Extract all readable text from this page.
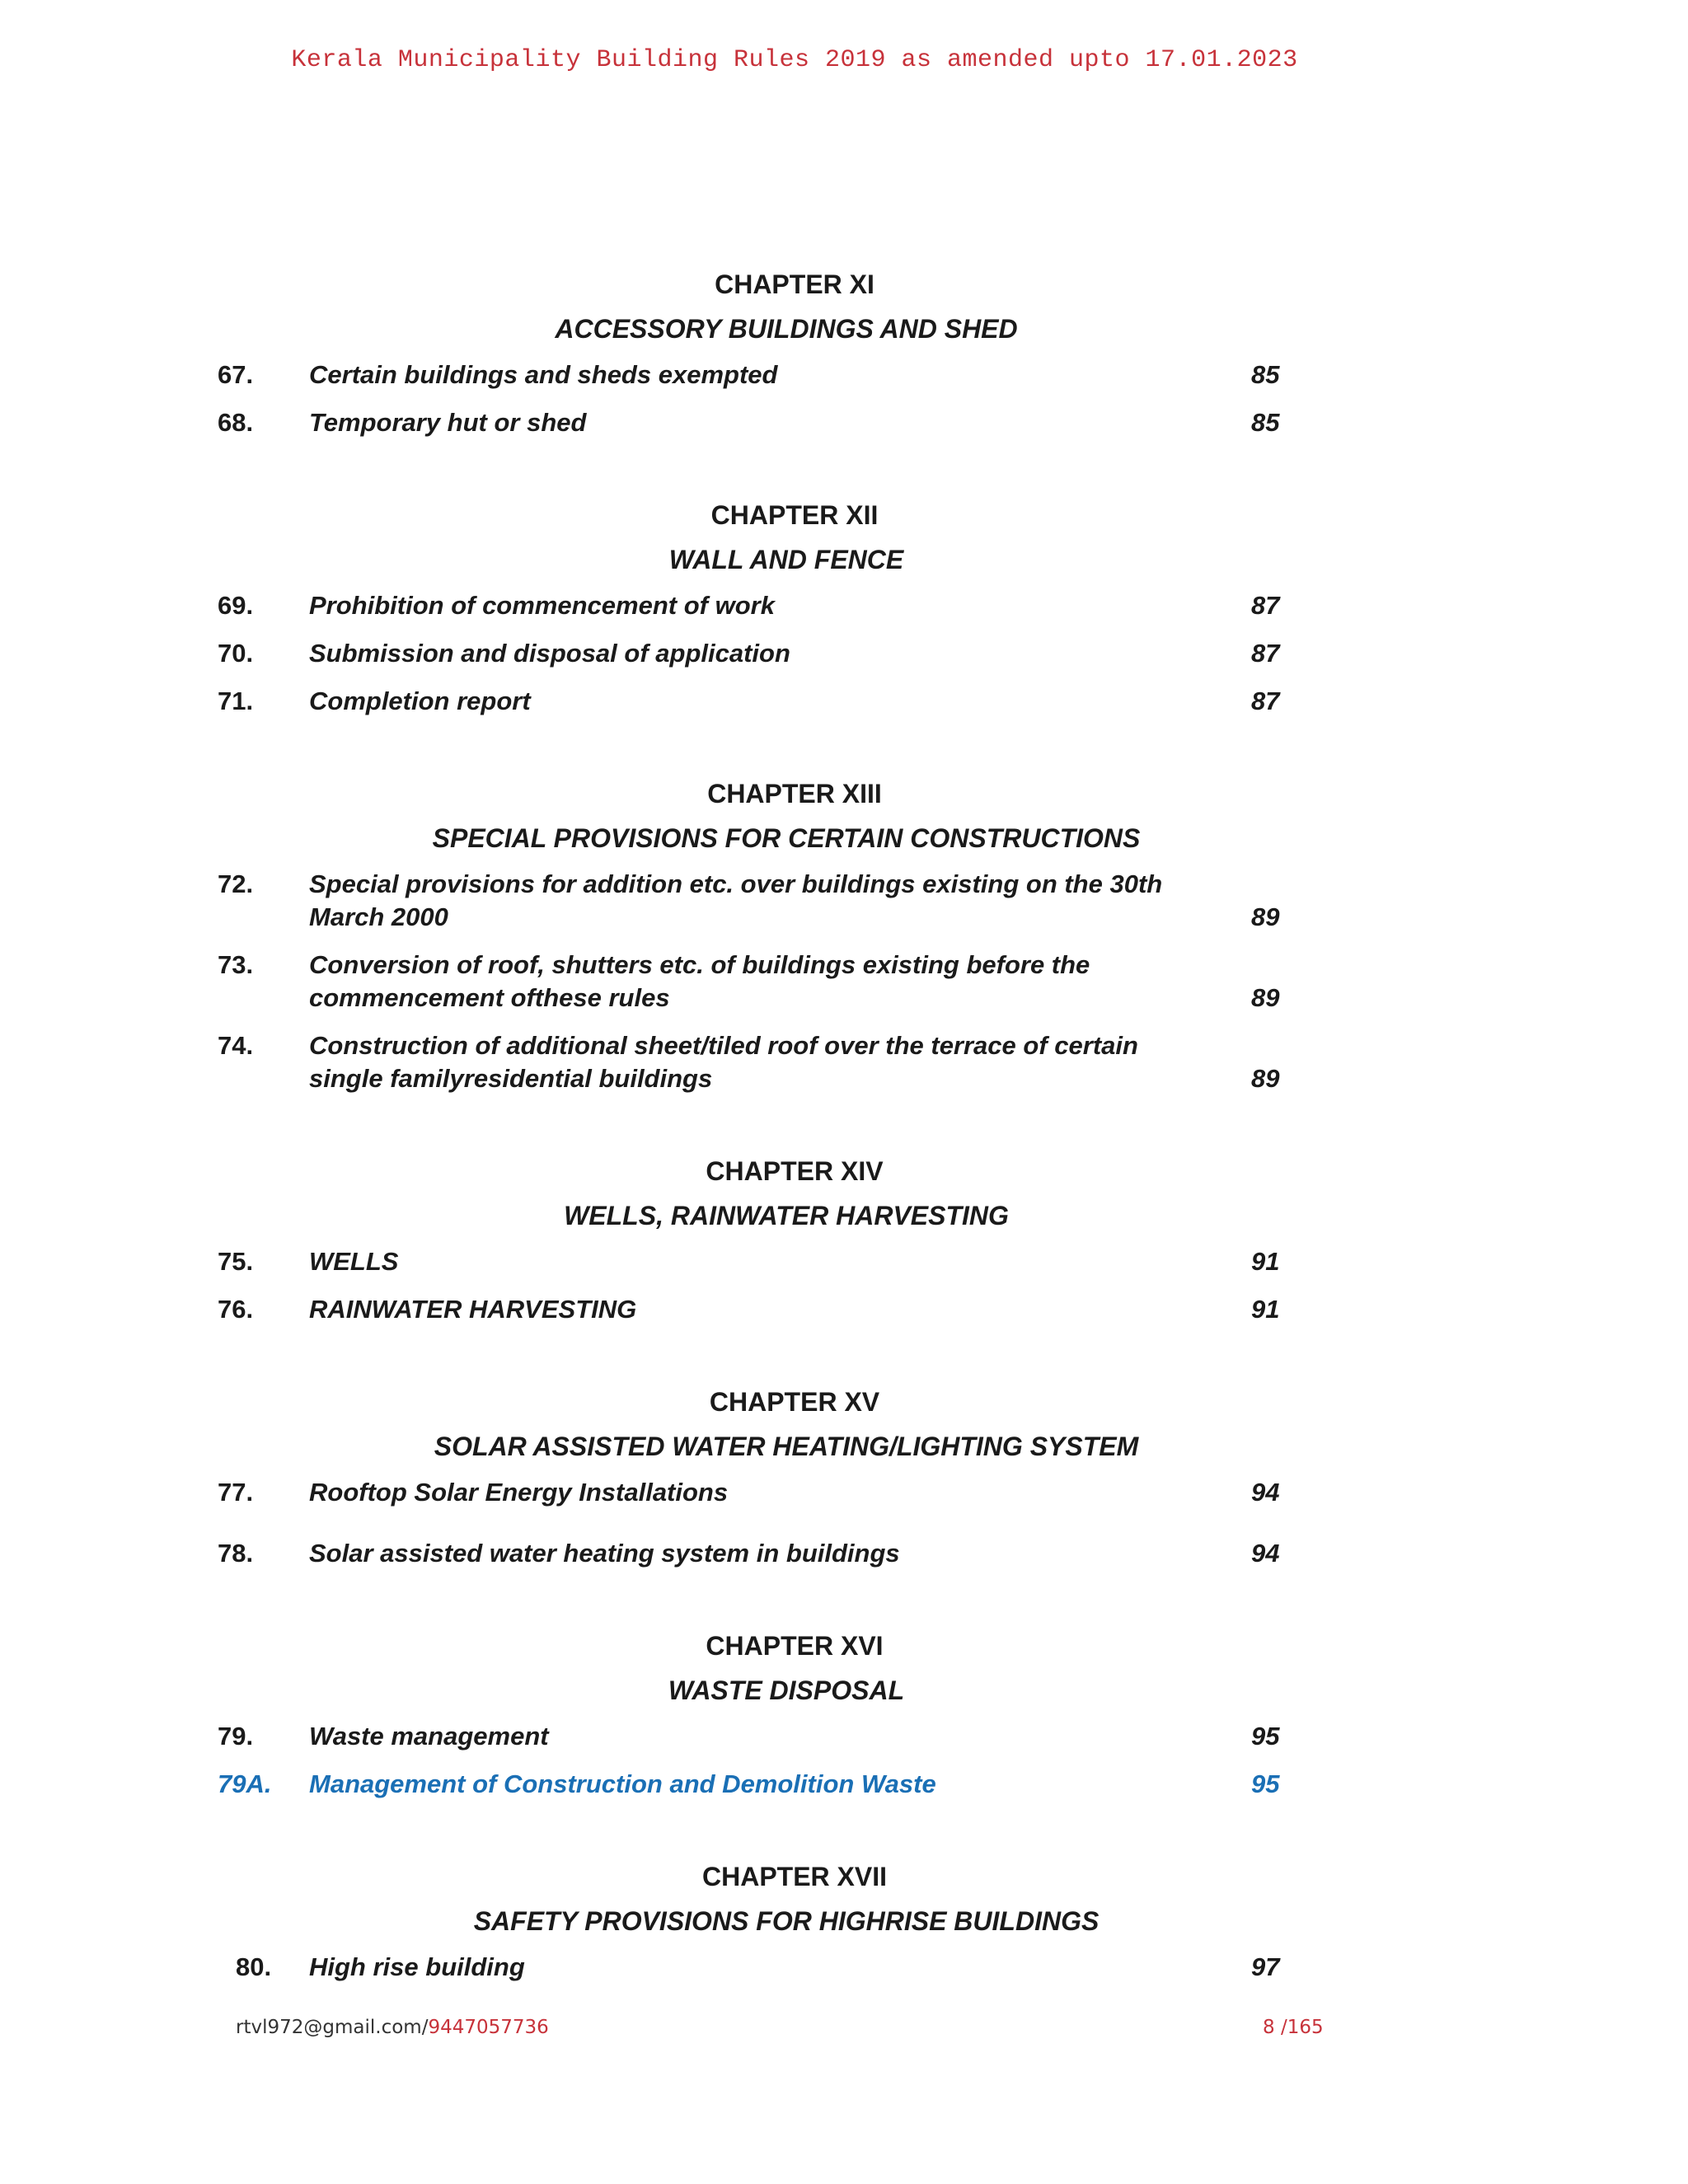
Kerala Municipality Building Rules 2019 as amended upto 17.01.2023
CHAPTER XI
ACCESSORY BUILDINGS AND SHED
67. Certain buildings and sheds exempted	85
68. Temporary hut or shed	85
CHAPTER XII
WALL AND FENCE
69. Prohibition of commencement of work	87
70. Submission and disposal of application	87
71. Completion report	87
CHAPTER XIII
SPECIAL PROVISIONS FOR CERTAIN CONSTRUCTIONS
72. Special provisions for addition etc. over buildings existing on the 30th March 2000	89
73. Conversion of roof, shutters etc. of buildings existing before the commencement ofthese rules	89
74. Construction of additional sheet/tiled roof over the terrace of certain single familyresidential buildings	89
CHAPTER XIV
WELLS, RAINWATER HARVESTING
75. WELLS	91
76. RAINWATER HARVESTING	91
CHAPTER XV
SOLAR ASSISTED WATER HEATING/LIGHTING SYSTEM
77. Rooftop Solar Energy Installations	94
78. Solar assisted water heating system in buildings	94
CHAPTER XVI
WASTE DISPOSAL
79. Waste management	95
79A. Management of Construction and Demolition Waste	95
CHAPTER XVII
SAFETY PROVISIONS FOR HIGHRISE BUILDINGS
80. High rise building	97
rtvl972@gmail.com/9447057736	8 /165
